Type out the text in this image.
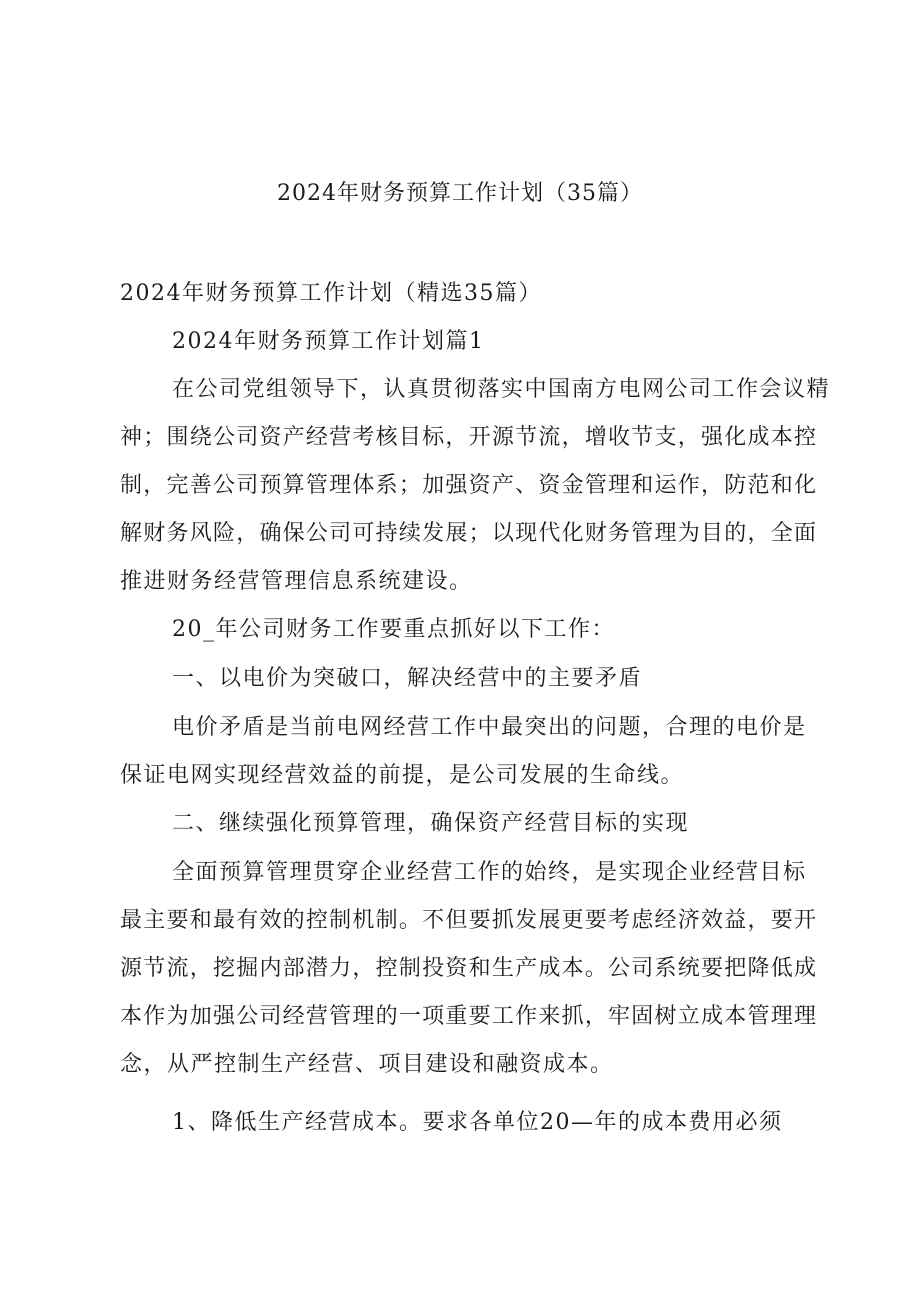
2024年财务预算工作计划（35篇）
2024年财务预算工作计划（精选35篇）
2024年财务预算工作计划篇1
在公司党组领导下，认真贯彻落实中国南方电网公司工作会议精
神；围绕公司资产经营考核目标，开源节流，增收节支，强化成本控
制，完善公司预算管理体系；加强资产、资金管理和运作，防范和化
解财务风险，确保公司可持续发展；以现代化财务管理为目的，全面
推进财务经营管理信息系统建设。
20_年公司财务工作要重点抓好以下工作：
一、以电价为突破口，解决经营中的主要矛盾
电价矛盾是当前电网经营工作中最突出的问题，合理的电价是
保证电网实现经营效益的前提，是公司发展的生命线。
二、继续强化预算管理，确保资产经营目标的实现
全面预算管理贯穿企业经营工作的始终，是实现企业经营目标
最主要和最有效的控制机制。不但要抓发展更要考虑经济效益，要开
源节流，挖掘内部潜力，控制投资和生产成本。公司系统要把降低成
本作为加强公司经营管理的一项重要工作来抓，牢固树立成本管理理
念，从严控制生产经营、项目建设和融资成本。
1、降低生产经营成本。要求各单位20—年的成本费用必须
